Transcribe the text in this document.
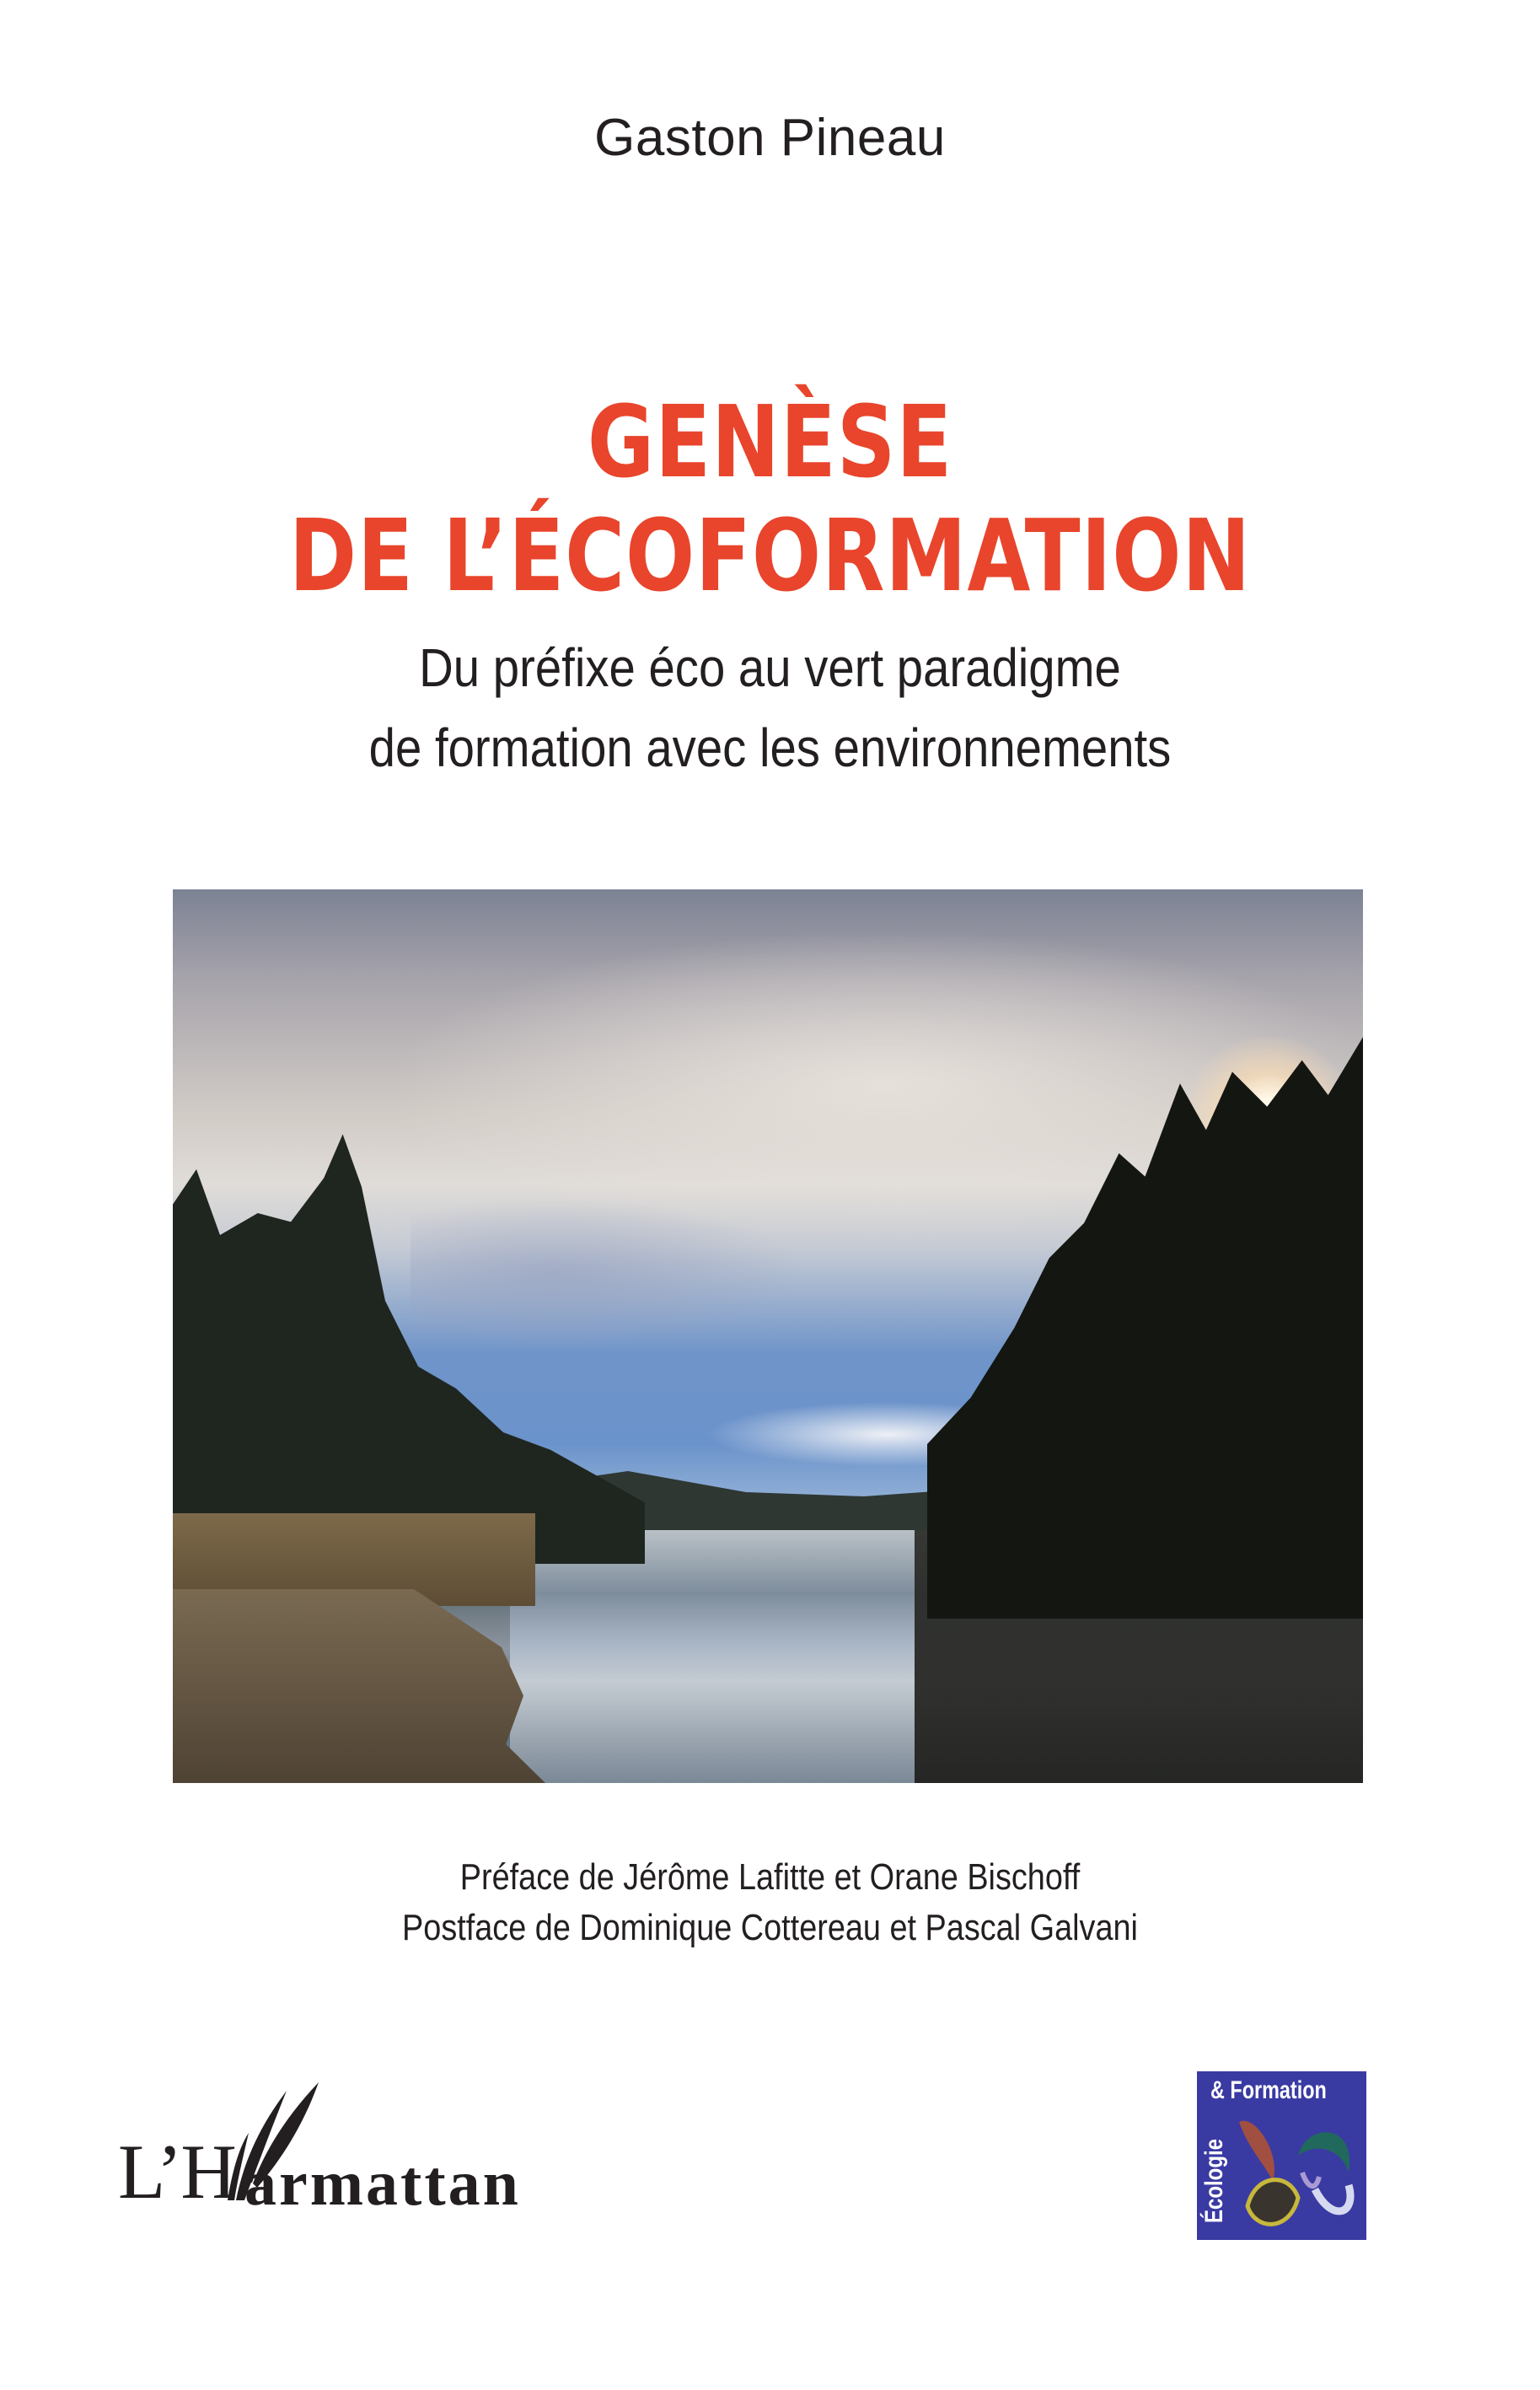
Gaston Pineau
GENÈSE
DE L’ÉCOFORMATION
Du préfixe éco au vert paradigme
de formation avec les environnements
Préface de Jérôme Lafitte et Orane Bischoff
Postface de Dominique Cottereau et Pascal Galvani
L’H armattan
& Formation
Écologie
